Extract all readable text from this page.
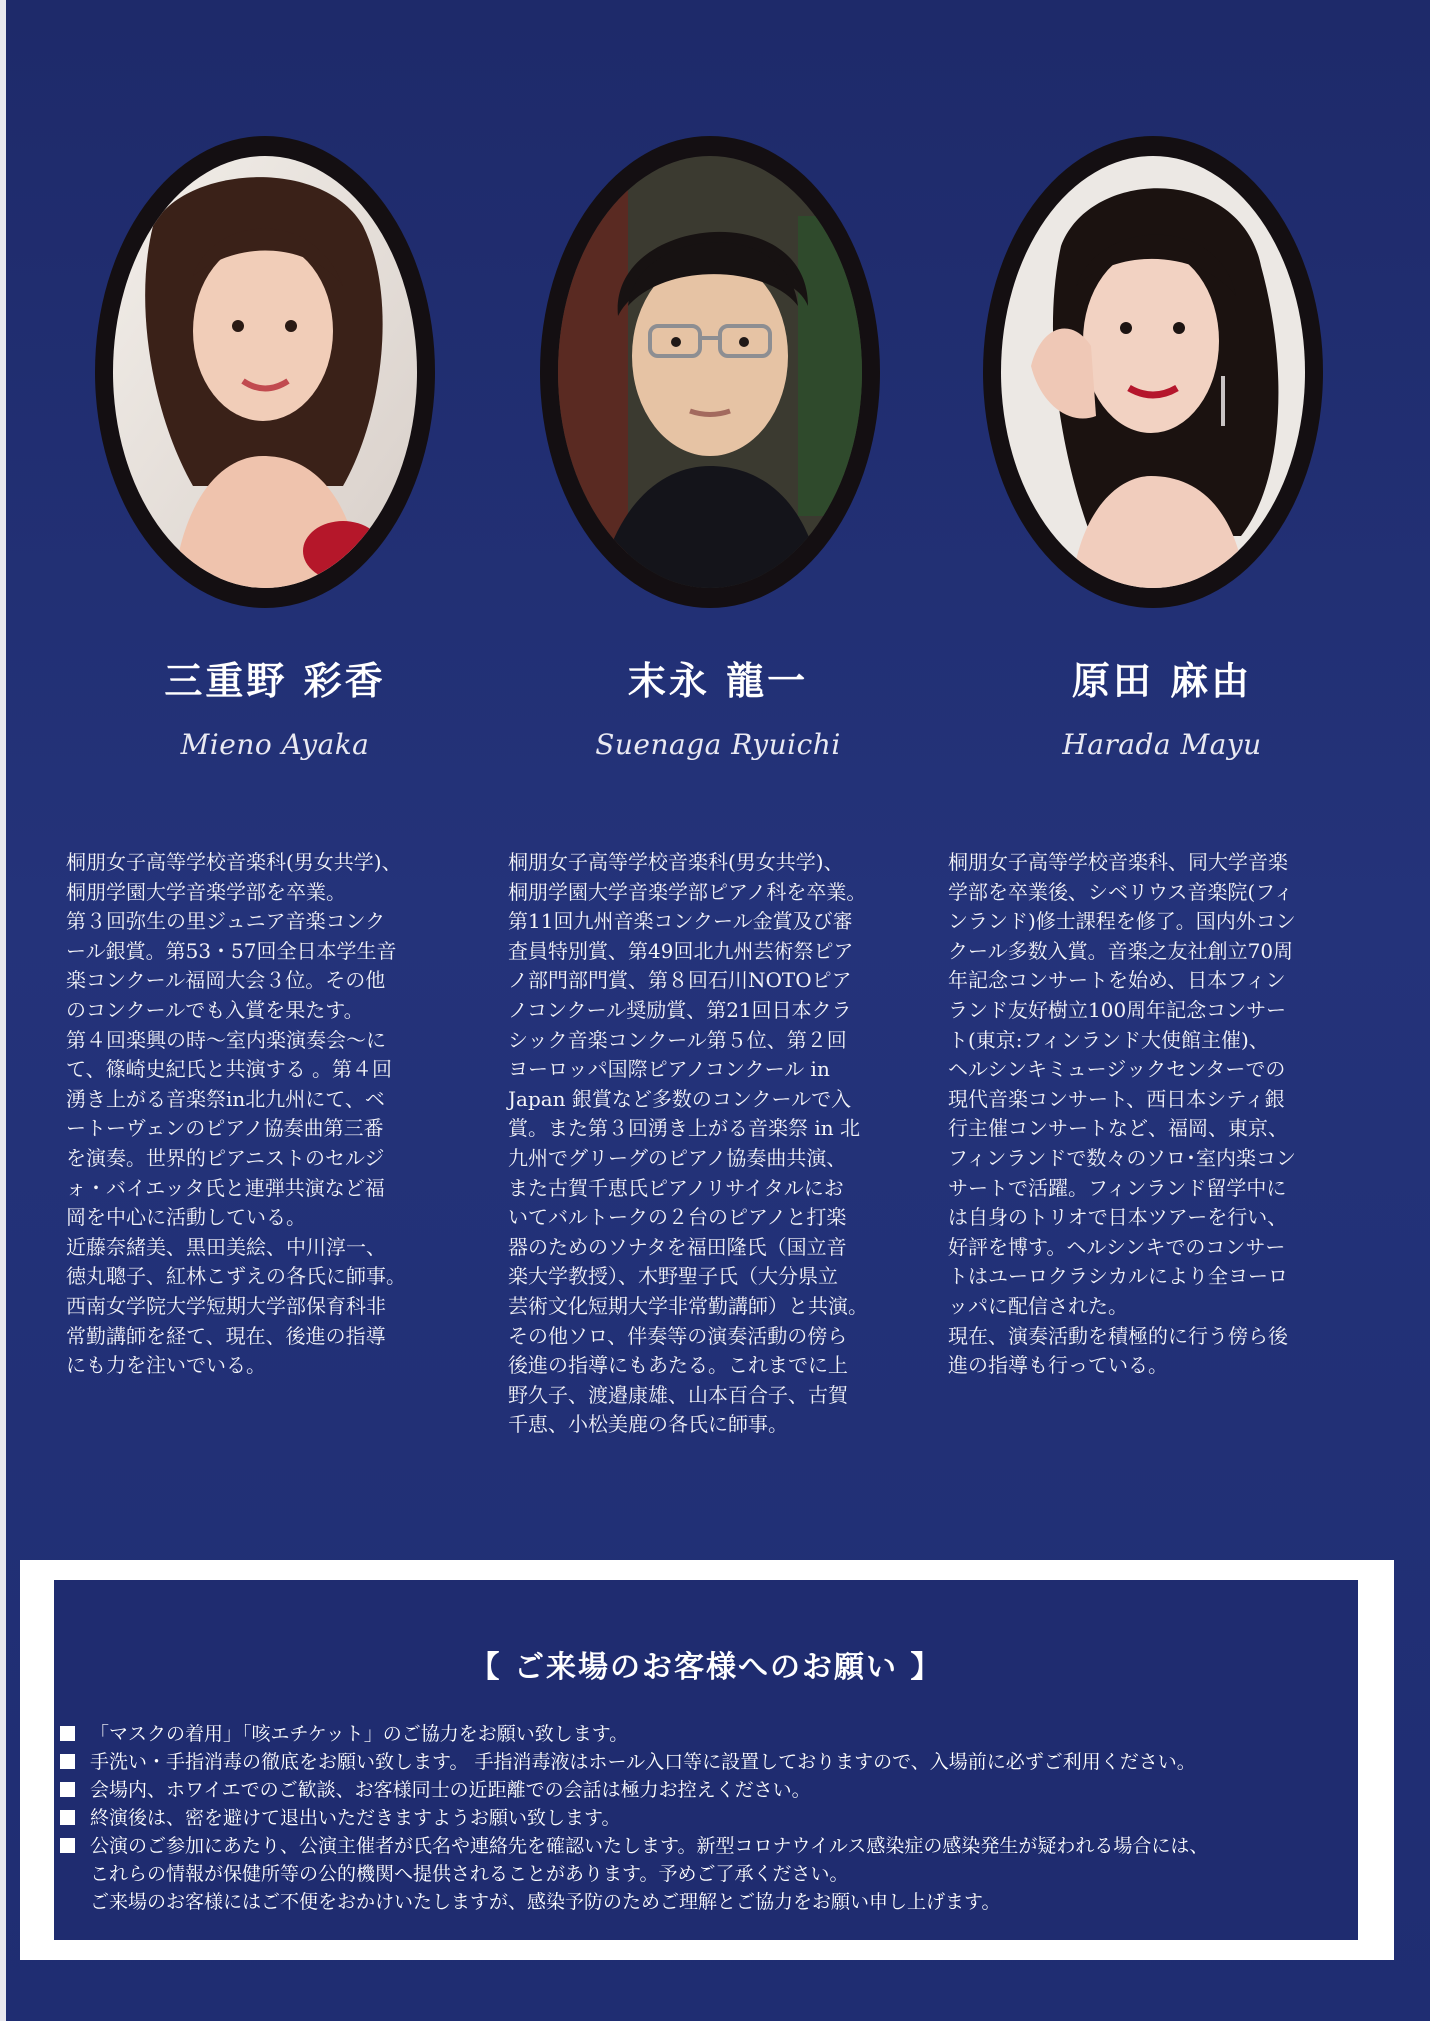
三重野 彩香	末永 龍一	原田 麻由
Mieno Ayaka	Suenaga Ryuichi	Harada Mayu
桐朋女子高等学校音楽科(男女共学)、
桐朋学園大学音楽学部を卒業。
第３回弥生の里ジュニア音楽コンク
ール銀賞。第53・57回全日本学生音
楽コンクール福岡大会３位。その他
のコンクールでも入賞を果たす。
第４回楽興の時〜室内楽演奏会〜に
て、篠崎史紀氏と共演する 。第４回
湧き上がる音楽祭in北九州にて、ベ
ートーヴェンのピアノ協奏曲第三番
を演奏。世界的ピアニストのセルジ
ォ・バイエッタ氏と連弾共演など福
岡を中心に活動している。
近藤奈緒美、黒田美絵、中川淳一、
徳丸聰子、紅林こずえの各氏に師事。
西南女学院大学短期大学部保育科非
常勤講師を経て、現在、後進の指導
にも力を注いでいる。
桐朋女子高等学校音楽科(男女共学)、
桐朋学園大学音楽学部ピアノ科を卒業。
第11回九州音楽コンクール金賞及び審
査員特別賞、第49回北九州芸術祭ピア
ノ部門部門賞、第８回石川NOTOピア
ノコンクール奨励賞、第21回日本クラ
シック音楽コンクール第５位、第２回
ヨーロッパ国際ピアノコンクール in
Japan 銀賞など多数のコンクールで入
賞。また第３回湧き上がる音楽祭 in 北
九州でグリーグのピアノ協奏曲共演、
また古賀千恵氏ピアノリサイタルにお
いてバルトークの２台のピアノと打楽
器のためのソナタを福田隆氏（国立音
楽大学教授）、木野聖子氏（大分県立
芸術文化短期大学非常勤講師）と共演。
その他ソロ、伴奏等の演奏活動の傍ら
後進の指導にもあたる。これまでに上
野久子、渡邉康雄、山本百合子、古賀
千恵、小松美鹿の各氏に師事。
桐朋女子高等学校音楽科、同大学音楽
学部を卒業後、シベリウス音楽院(フィ
ンランド)修士課程を修了。国内外コン
クール多数入賞。音楽之友社創立70周
年記念コンサートを始め、日本フィン
ランド友好樹立100周年記念コンサー
ト(東京:フィンランド大使館主催)、
ヘルシンキミュージックセンターでの
現代音楽コンサート、西日本シティ銀
行主催コンサートなど、福岡、東京、
フィンランドで数々のソロ･室内楽コン
サートで活躍。フィンランド留学中に
は自身のトリオで日本ツアーを行い、
好評を博す。ヘルシンキでのコンサー
トはユーロクラシカルにより全ヨーロ
ッパに配信された。
現在、演奏活動を積極的に行う傍ら後
進の指導も行っている。
【 ご来場のお客様へのお願い 】
「マスクの着用」「咳エチケット」のご協力をお願い致します。
手洗い・手指消毒の徹底をお願い致します。 手指消毒液はホール入口等に設置しておりますので、入場前に必ずご利用ください。
会場内、ホワイエでのご歓談、お客様同士の近距離での会話は極力お控えください。
終演後は、密を避けて退出いただきますようお願い致します。
公演のご参加にあたり、公演主催者が氏名や連絡先を確認いたします。新型コロナウイルス感染症の感染発生が疑われる場合には、
これらの情報が保健所等の公的機関へ提供されることがあります。予めご了承ください。
ご来場のお客様にはご不便をおかけいたしますが、感染予防のためご理解とご協力をお願い申し上げます。
